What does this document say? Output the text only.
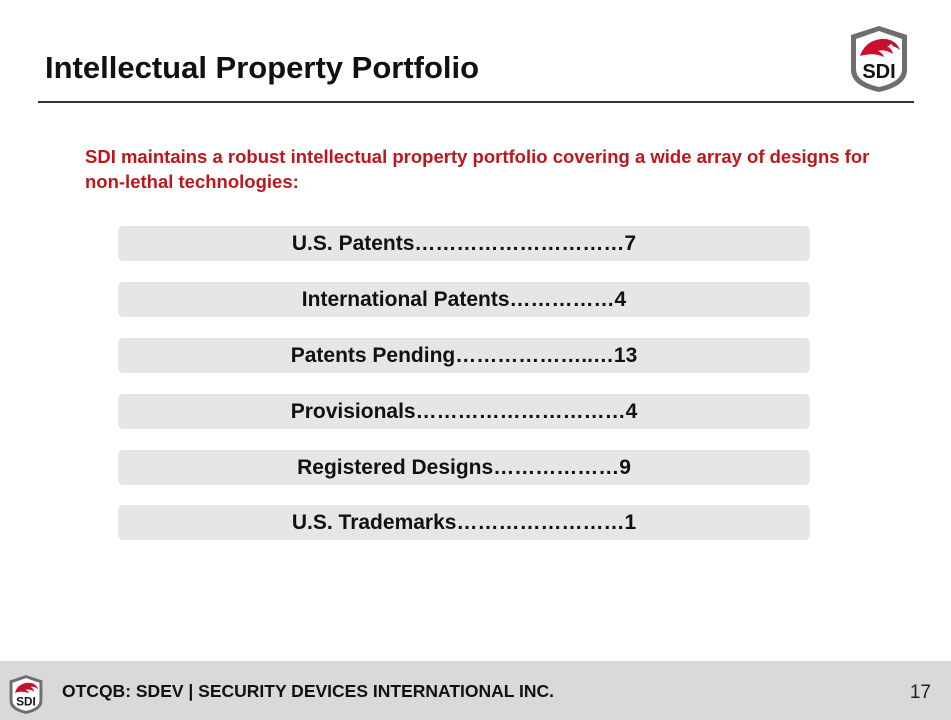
Intellectual Property Portfolio	SDI
SDI maintains a robust intellectual property portfolio covering a wide array of designs for non-lethal technologies:
U.S. Patents…………………………7
International Patents……………4
Patents Pending………………..…13
Provisionals…………………………4
Registered Designs………………9
U.S. Trademarks……………………1
SDI
OTCQB: SDEV | SECURITY DEVICES INTERNATIONAL INC.	17
